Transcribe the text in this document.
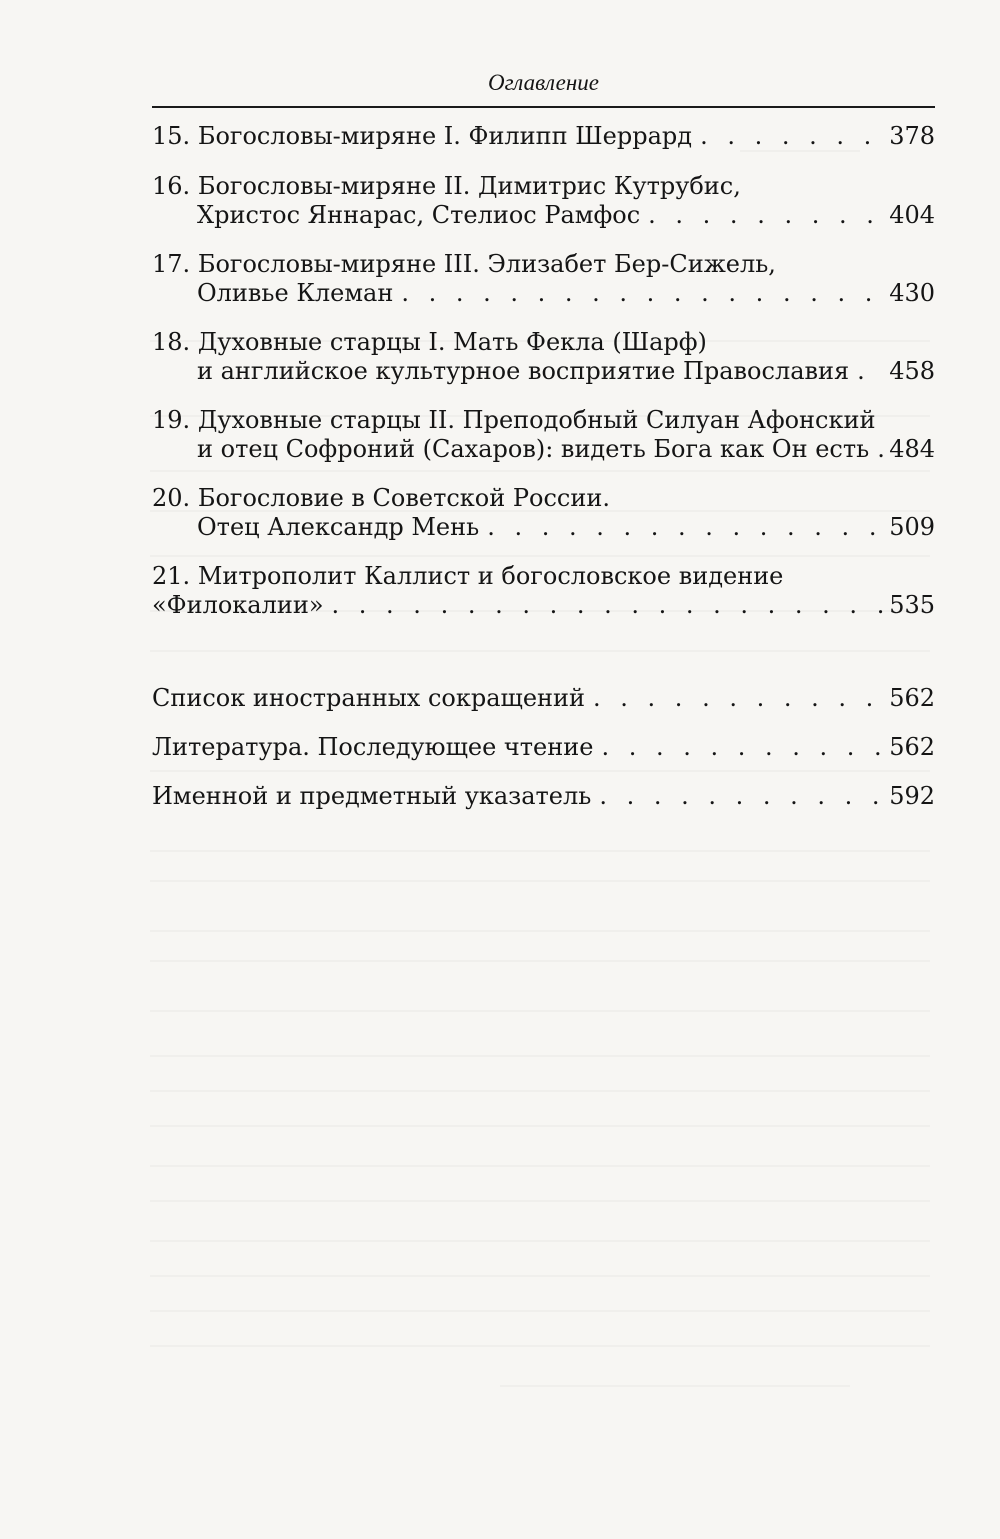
Оглавление
15. Богословы-миряне I. Филипп Шеррард . . .	378
16. Богословы-миряне II. Димитрис Кутрубис,
Христос Яннарас, Стелиос Рамфос . . .	404
17. Богословы-миряне III. Элизабет Бер-Сижель,
Оливье Клеман . . .	430
18. Духовные старцы I. Мать Фекла (Шарф)
и английское культурное восприятие Православия . . . 458
19. Духовные старцы II. Преподобный Силуан Афонский
и отец Софроний (Сахаров): видеть Бога как Он есть . . . 484
20. Богословие в Советской России.
Отец Александр Мень . . .	509
21. Митрополит Каллист и богословское видение
«Филокалии» . . .	535
Список иностранных сокращений . . .	562
Литература. Последующее чтение . . .	562
Именной и предметный указатель . . .	592
